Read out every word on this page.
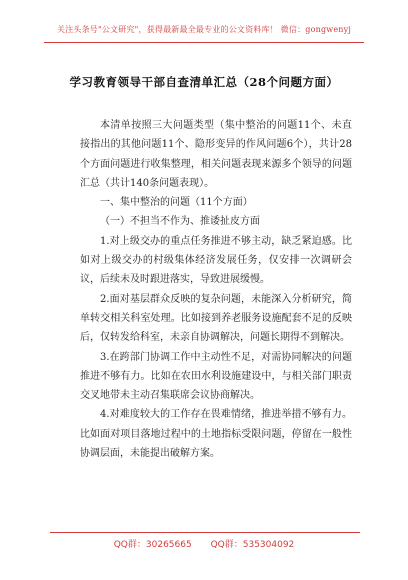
关注头条号"公文研究"，获得最新最全最专业的公文资料库！ 微信：gongwenyj
学习教育领导干部自查清单汇总（28个问题方面）

本清单按照三大问题类型（集中整治的问题11个、未直接指出的其他问题11个、隐形变异的作风问题6个），共计28个方面问题进行收集整理，相关问题表现来源多个领导的问题汇总（共计140条问题表现）。

一、集中整治的问题（11个方面）

（一）不担当不作为、推诿扯皮方面

1.对上级交办的重点任务推进不够主动，缺乏紧迫感。比如对上级交办的村级集体经济发展任务，仅安排一次调研会议，后续未及时跟进落实，导致进展缓慢。

2.面对基层群众反映的复杂问题，未能深入分析研究，简单转交相关科室处理。比如接到养老服务设施配套不足的反映后，仅转发给科室，未亲自协调解决，问题长期得不到解决。

3.在跨部门协调工作中主动性不足，对需协同解决的问题推进不够有力。比如在农田水利设施建设中，与相关部门职责交叉地带未主动召集联席会议协商解决。

4.对难度较大的工作存在畏难情绪，推进举措不够有力。比如面对项目落地过程中的土地指标受限问题，停留在一般性协调层面，未能提出破解方案。

QQ群：30265665 QQ群：535304092
